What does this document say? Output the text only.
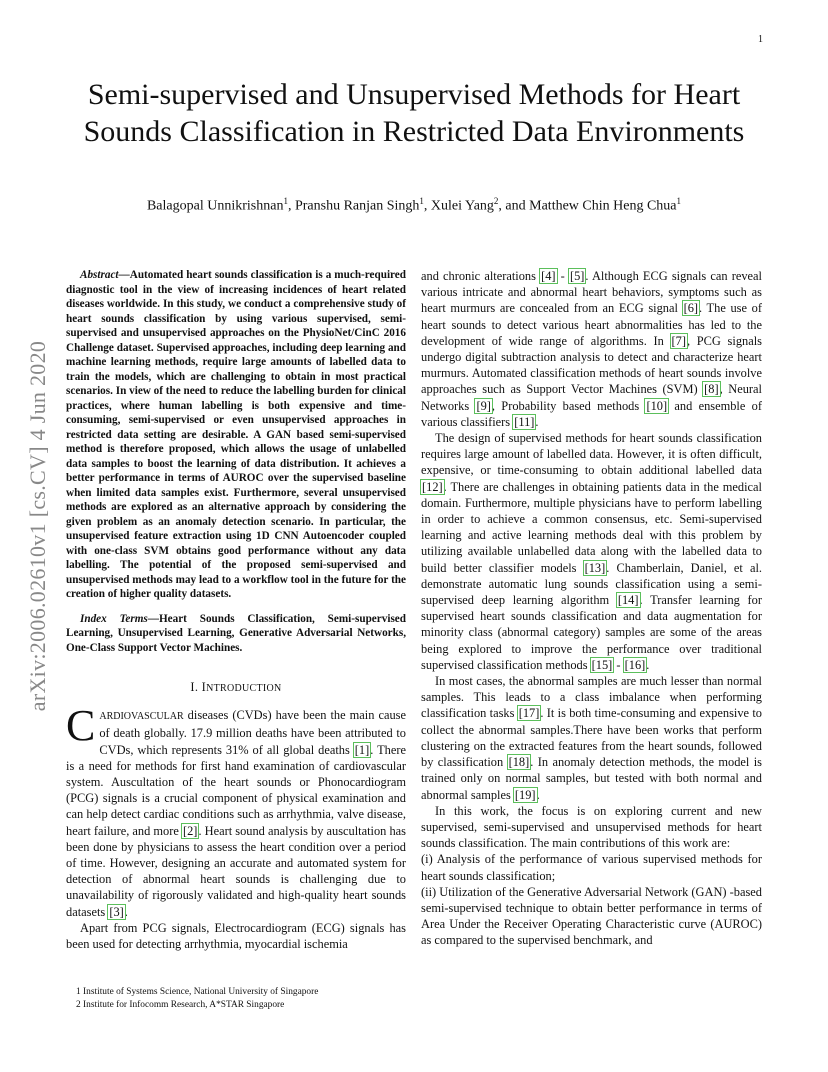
1
arXiv:2006.02610v1 [cs.CV] 4 Jun 2020
Semi-supervised and Unsupervised Methods for Heart Sounds Classification in Restricted Data Environments
Balagopal Unnikrishnan$^1$, Pranshu Ranjan Singh$^1$, Xulei Yang$^2$, and Matthew Chin Heng Chua$^1$

Abstract—Automated heart sounds classification is a much-required diagnostic tool in the view of increasing incidences of heart related diseases worldwide. In this study, we conduct a comprehensive study of heart sounds classification by using various supervised, semi-supervised and unsupervised approaches on the PhysioNet/CinC 2016 Challenge dataset. Supervised approaches, including deep learning and machine learning methods, require large amounts of labelled data to train the models, which are challenging to obtain in most practical scenarios. In view of the need to reduce the labelling burden for clinical practices, where human labelling is both expensive and time-consuming, semi-supervised or even unsupervised approaches in restricted data setting are desirable. A GAN based semi-supervised method is therefore proposed, which allows the usage of unlabelled data samples to boost the learning of data distribution. It achieves a better performance in terms of AUROC over the supervised baseline when limited data samples exist. Furthermore, several unsupervised methods are explored as an alternative approach by considering the given problem as an anomaly detection scenario. In particular, the unsupervised feature extraction using 1D CNN Autoencoder coupled with one-class SVM obtains good performance without any data labelling. The potential of the proposed semi-supervised and unsupervised methods may lead to a workflow tool in the future for the creation of higher quality datasets.

Index Terms—Heart Sounds Classification, Semi-supervised Learning, Unsupervised Learning, Generative Adversarial Networks, One-Class Support Vector Machines.

I. INTRODUCTION

CARDIOVASCULAR diseases (CVDs) have been the main cause of death globally. 17.9 million deaths have been attributed to CVDs, which represents 31% of all global deaths [1]. There is a need for methods for first hand examination of cardiovascular system. Auscultation of the heart sounds or Phonocardiogram (PCG) signals is a crucial component of physical examination and can help detect cardiac conditions such as arrhythmia, valve disease, heart failure, and more [2]. Heart sound analysis by auscultation has been done by physicians to assess the heart condition over a period of time. However, designing an accurate and automated system for detection of abnormal heart sounds is challenging due to unavailability of rigorously validated and high-quality heart sounds datasets [3].

Apart from PCG signals, Electrocardiogram (ECG) signals has been used for detecting arrhythmia, myocardial ischemia

and chronic alterations [4] - [5]. Although ECG signals can reveal various intricate and abnormal heart behaviors, symptoms such as heart murmurs are concealed from an ECG signal [6]. The use of heart sounds to detect various heart abnormalities has led to the development of wide range of algorithms. In [7], PCG signals undergo digital subtraction analysis to detect and characterize heart murmurs. Automated classification methods of heart sounds involve approaches such as Support Vector Machines (SVM) [8], Neural Networks [9], Probability based methods [10] and ensemble of various classifiers [11].

The design of supervised methods for heart sounds classification requires large amount of labelled data. However, it is often difficult, expensive, or time-consuming to obtain additional labelled data [12]. There are challenges in obtaining patients data in the medical domain. Furthermore, multiple physicians have to perform labelling in order to achieve a common consensus, etc. Semi-supervised learning and active learning methods deal with this problem by utilizing available unlabelled data along with the labelled data to build better classifier models [13]. Chamberlain, Daniel, et al. demonstrate automatic lung sounds classification using a semi-supervised deep learning algorithm [14]. Transfer learning for supervised heart sounds classification and data augmentation for minority class (abnormal category) samples are some of the areas being explored to improve the performance over traditional supervised classification methods [15] - [16].

In most cases, the abnormal samples are much lesser than normal samples. This leads to a class imbalance when performing classification tasks [17]. It is both time-consuming and expensive to collect the abnormal samples.There have been works that perform clustering on the extracted features from the heart sounds, followed by classification [18]. In anomaly detection methods, the model is trained only on normal samples, but tested with both normal and abnormal samples [19].

In this work, the focus is on exploring current and new supervised, semi-supervised and unsupervised methods for heart sounds classification. The main contributions of this work are:

(i) Analysis of the performance of various supervised methods for heart sounds classification;

(ii) Utilization of the Generative Adversarial Network (GAN) -based semi-supervised technique to obtain better performance in terms of Area Under the Receiver Operating Characteristic curve (AUROC) as compared to the supervised benchmark, and

1 Institute of Systems Science, National University of Singapore
2 Institute for Infocomm Research, A*STAR Singapore
